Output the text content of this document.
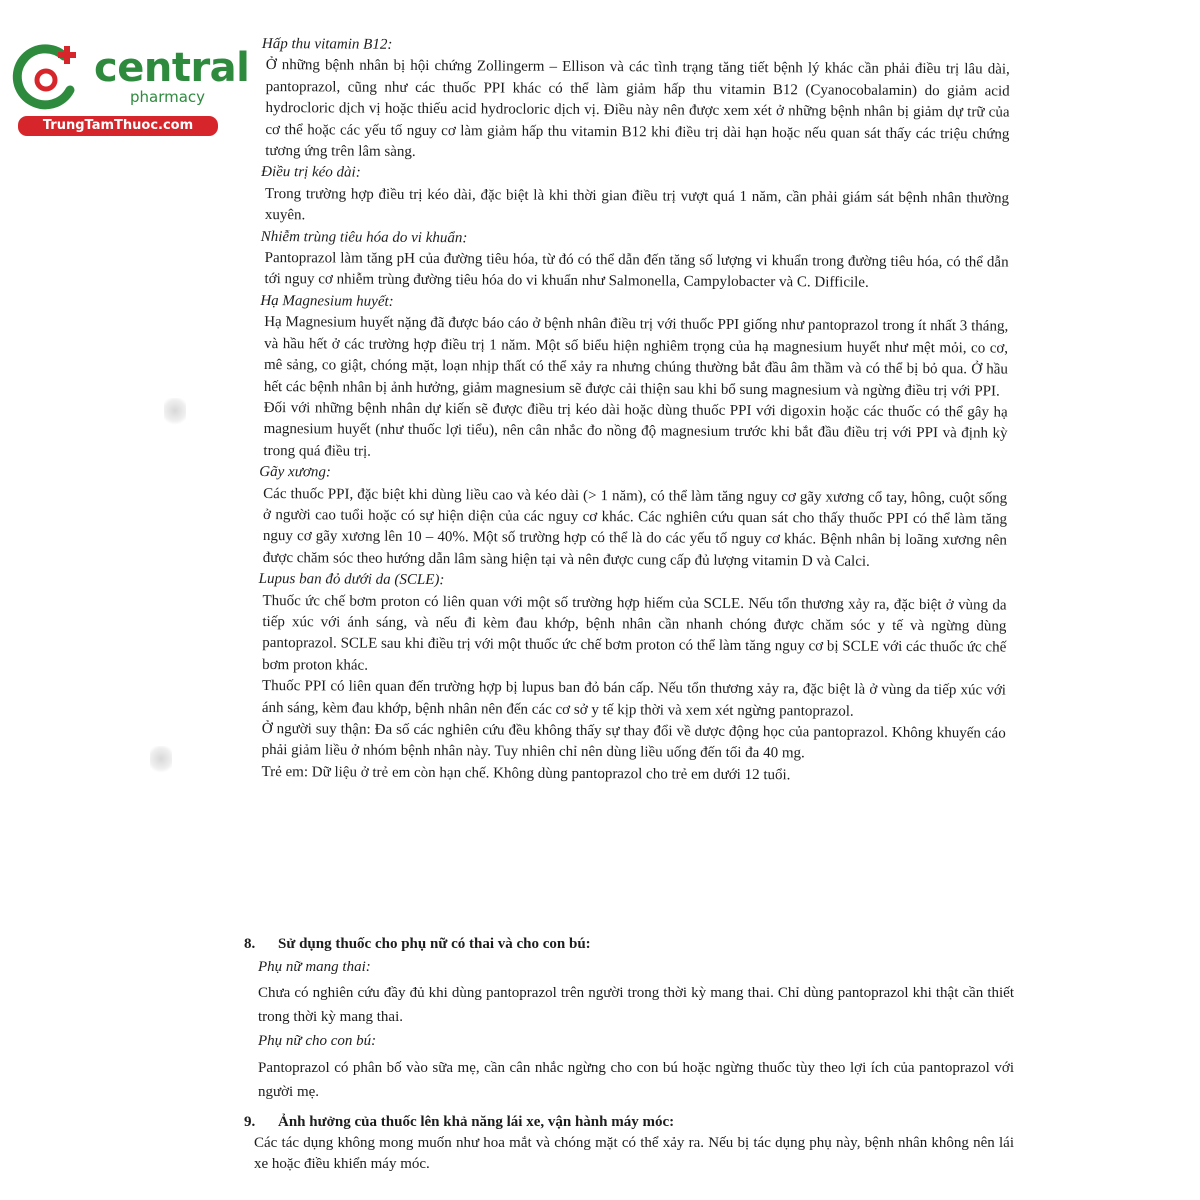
central
pharmacy
TrungTamThuoc.com

Hấp thu vitamin B12:

Ở những bệnh nhân bị hội chứng Zollingerm – Ellison và các tình trạng tăng tiết bệnh lý khác cần phải điều trị lâu dài, pantoprazol, cũng như các thuốc PPI khác có thể làm giảm hấp thu vitamin B12 (Cyanocobalamin) do giảm acid hydrocloric dịch vị hoặc thiếu acid hydrocloric dịch vị. Điều này nên được xem xét ở những bệnh nhân bị giảm dự trữ của cơ thể hoặc các yếu tố nguy cơ làm giảm hấp thu vitamin B12 khi điều trị dài hạn hoặc nếu quan sát thấy các triệu chứng tương ứng trên lâm sàng.

Điều trị kéo dài:

Trong trường hợp điều trị kéo dài, đặc biệt là khi thời gian điều trị vượt quá 1 năm, cần phải giám sát bệnh nhân thường xuyên.

Nhiễm trùng tiêu hóa do vi khuẩn:

Pantoprazol làm tăng pH của đường tiêu hóa, từ đó có thể dẫn đến tăng số lượng vi khuẩn trong đường tiêu hóa, có thể dẫn tới nguy cơ nhiễm trùng đường tiêu hóa do vi khuẩn như Salmonella, Campylobacter và C. Difficile.

Hạ Magnesium huyết:

Hạ Magnesium huyết nặng đã được báo cáo ở bệnh nhân điều trị với thuốc PPI giống như pantoprazol trong ít nhất 3 tháng, và hầu hết ở các trường hợp điều trị 1 năm. Một số biểu hiện nghiêm trọng của hạ magnesium huyết như mệt mỏi, co cơ, mê sảng, co giật, chóng mặt, loạn nhịp thất có thể xảy ra nhưng chúng thường bắt đầu âm thầm và có thể bị bỏ qua. Ở hầu hết các bệnh nhân bị ảnh hưởng, giảm magnesium sẽ được cải thiện sau khi bổ sung magnesium và ngừng điều trị với PPI.

Đối với những bệnh nhân dự kiến sẽ được điều trị kéo dài hoặc dùng thuốc PPI với digoxin hoặc các thuốc có thể gây hạ magnesium huyết (như thuốc lợi tiểu), nên cân nhắc đo nồng độ magnesium trước khi bắt đầu điều trị với PPI và định kỳ trong quá điều trị.

Gãy xương:

Các thuốc PPI, đặc biệt khi dùng liều cao và kéo dài (> 1 năm), có thể làm tăng nguy cơ gãy xương cổ tay, hông, cuột sống ở người cao tuổi hoặc có sự hiện diện của các nguy cơ khác. Các nghiên cứu quan sát cho thấy thuốc PPI có thể làm tăng nguy cơ gãy xương lên 10 – 40%. Một số trường hợp có thể là do các yếu tố nguy cơ khác. Bệnh nhân bị loãng xương nên được chăm sóc theo hướng dẫn lâm sàng hiện tại và nên được cung cấp đủ lượng vitamin D và Calci.

Lupus ban đỏ dưới da (SCLE):

Thuốc ức chế bơm proton có liên quan với một số trường hợp hiếm của SCLE. Nếu tổn thương xảy ra, đặc biệt ở vùng da tiếp xúc với ánh sáng, và nếu đi kèm đau khớp, bệnh nhân cần nhanh chóng được chăm sóc y tế và ngừng dùng pantoprazol. SCLE sau khi điều trị với một thuốc ức chế bơm proton có thể làm tăng nguy cơ bị SCLE với các thuốc ức chế bơm proton khác.

Thuốc PPI có liên quan đến trường hợp bị lupus ban đỏ bán cấp. Nếu tổn thương xảy ra, đặc biệt là ở vùng da tiếp xúc với ánh sáng, kèm đau khớp, bệnh nhân nên đến các cơ sở y tế kịp thời và xem xét ngừng pantoprazol.

Ở người suy thận: Đa số các nghiên cứu đều không thấy sự thay đổi về dược động học của pantoprazol. Không khuyến cáo phải giảm liều ở nhóm bệnh nhân này. Tuy nhiên chỉ nên dùng liều uống đến tối đa 40 mg.

Trẻ em: Dữ liệu ở trẻ em còn hạn chế. Không dùng pantoprazol cho trẻ em dưới 12 tuổi.

8. Sử dụng thuốc cho phụ nữ có thai và cho con bú:

Phụ nữ mang thai:

Chưa có nghiên cứu đầy đủ khi dùng pantoprazol trên người trong thời kỳ mang thai. Chỉ dùng pantoprazol khi thật cần thiết trong thời kỳ mang thai.

Phụ nữ cho con bú:

Pantoprazol có phân bố vào sữa mẹ, cần cân nhắc ngừng cho con bú hoặc ngừng thuốc tùy theo lợi ích của pantoprazol với người mẹ.

9. Ảnh hưởng của thuốc lên khả năng lái xe, vận hành máy móc:

Các tác dụng không mong muốn như hoa mắt và chóng mặt có thể xảy ra. Nếu bị tác dụng phụ này, bệnh nhân không nên lái xe hoặc điều khiển máy móc.
